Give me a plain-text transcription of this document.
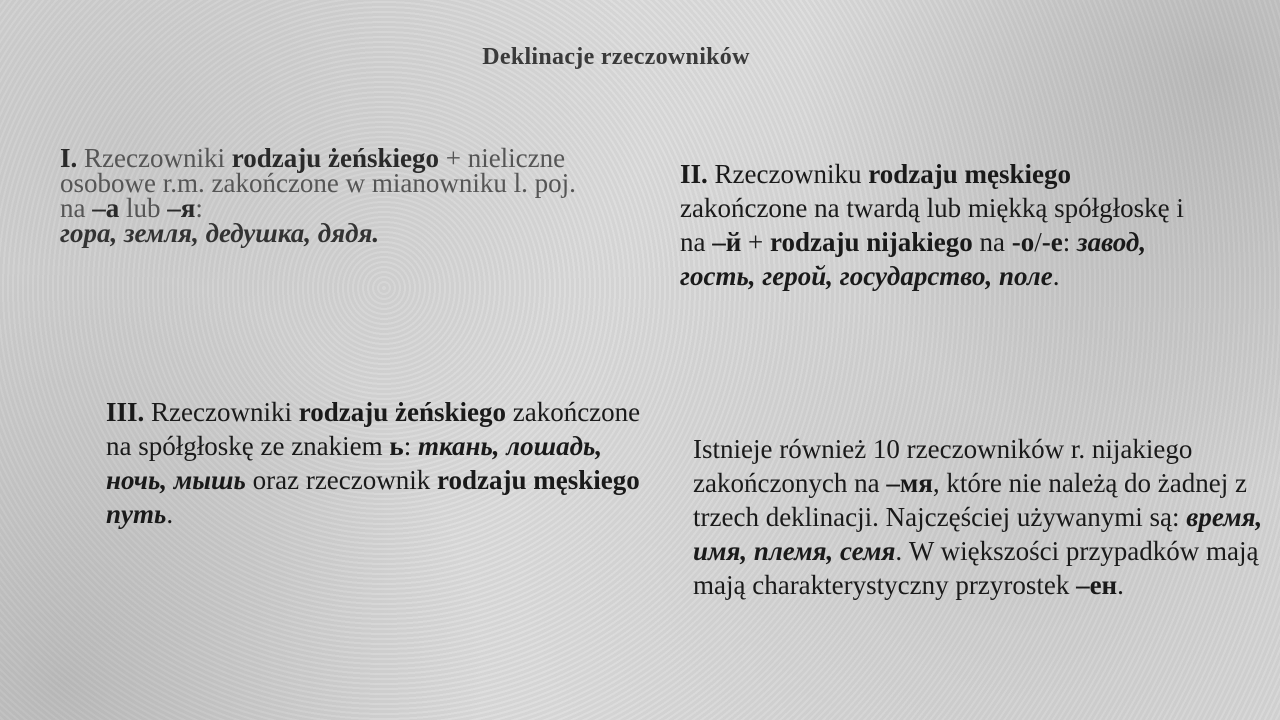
Deklinacje rzeczowników
I. Rzeczowniki rodzaju żeńskiego + nieliczne osobowe r.m. zakończone w mianowniku l. poj. na –а lub –я:
гора, земля, дедушка, дядя.
II. Rzeczowniku rodzaju męskiego zakończone na twardą lub miękką spółgłoskę i na –й + rodzaju nijakiego na -о/-е: завод, гость, герой, государство, поле.
III. Rzeczowniki rodzaju żeńskiego zakończone na spółgłoskę ze znakiem ь: ткань, лошадь, ночь, мышь oraz rzeczownik rodzaju męskiego путь.
Istnieje również 10 rzeczowników r. nijakiego zakończonych na –мя, które nie należą do żadnej z trzech deklinacji. Najczęściej używanymi są: время, имя, племя, семя. W większości przypadków mają mają charakterystyczny przyrostek –ен.
